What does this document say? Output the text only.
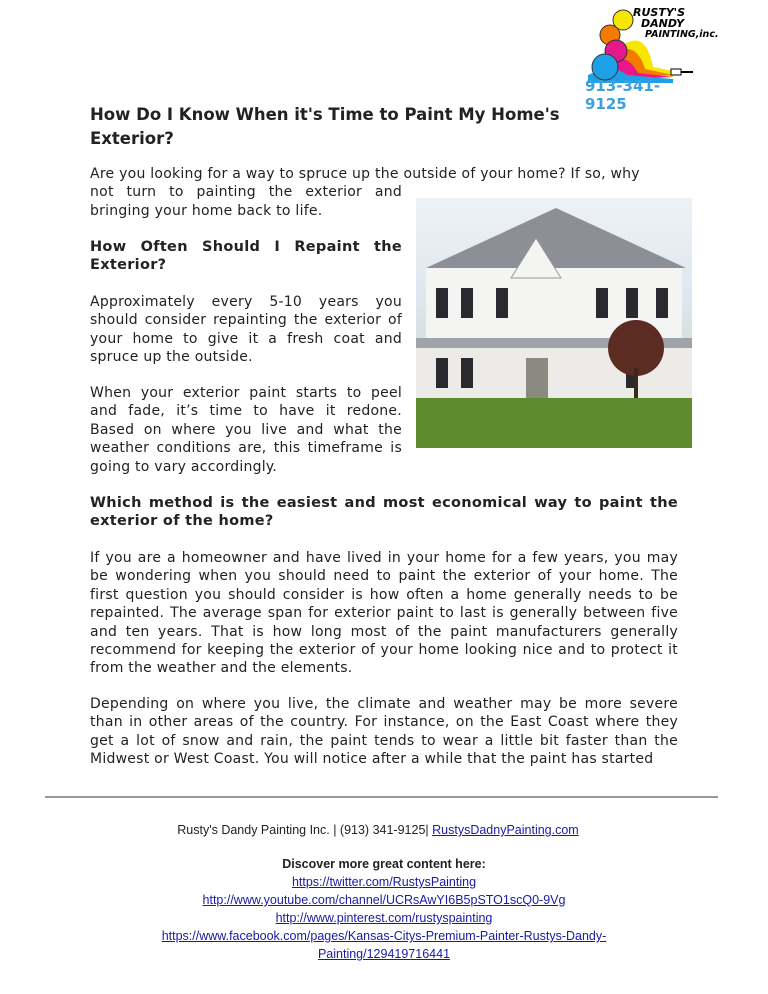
RUSTY'S
DANDY
PAINTING,inc.
913-341-9125
How Do I Know When it's Time to Paint My Home's Exterior?
Are you looking for a way to spruce up the outside of your home? If so, why
not turn to painting the exterior and bringing your home back to life.
How Often Should I Repaint the Exterior?
Approximately every 5-10 years you should consider repainting the exterior of your home to give it a fresh coat and spruce up the outside.
When your exterior paint starts to peel and fade, it’s time to have it redone. Based on where you live and what the weather conditions are, this timeframe is going to vary accordingly.
Which method is the easiest and most economical way to paint the exterior of the home?
If you are a homeowner and have lived in your home for a few years, you may be wondering when you should need to paint the exterior of your home. The first question you should consider is how often a home generally needs to be repainted. The average span for exterior paint to last is generally between five and ten years. That is how long most of the paint manufacturers generally recommend for keeping the exterior of your home looking nice and to protect it from the weather and the elements.
Depending on where you live, the climate and weather may be more severe than in other areas of the country. For instance, on the East Coast where they get a lot of snow and rain, the paint tends to wear a little bit faster than the Midwest or West Coast. You will notice after a while that the paint has started
Rusty's Dandy Painting Inc. | (913) 341-9125| RustysDadnyPainting.com
Discover more great content here:
https://twitter.com/RustysPainting
http://www.youtube.com/channel/UCRsAwYI6B5pSTO1scQ0-9Vg
http://www.pinterest.com/rustyspainting
https://www.facebook.com/pages/Kansas-Citys-Premium-Painter-Rustys-Dandy-Painting/129419716441
